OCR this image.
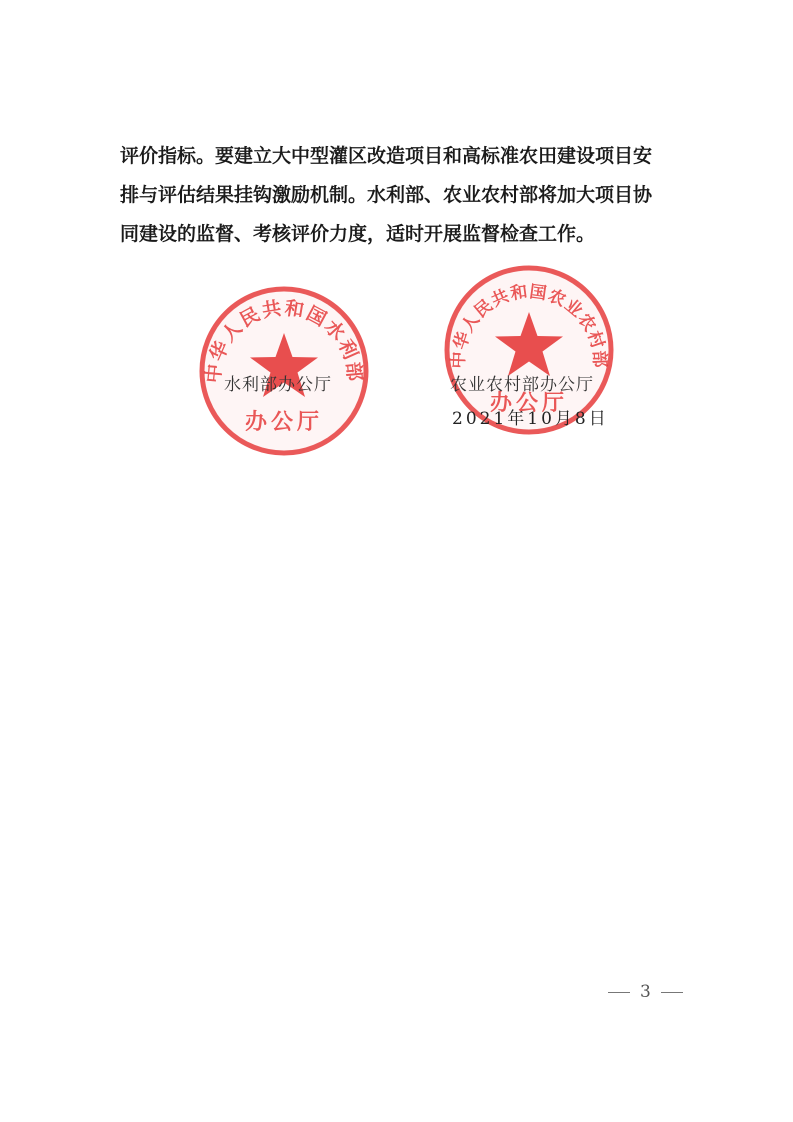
评价指标。要建立大中型灌区改造项目和高标准农田建设项目安
排与评估结果挂钩激励机制。水利部、农业农村部将加大项目协
同建设的监督、考核评价力度，适时开展监督检查工作。
中华人民共和国水利部
办公厅
中华人民共和国农业农村部
办公厅
水利部办公厅	农业农村部办公厅
2021年10月8日
3
